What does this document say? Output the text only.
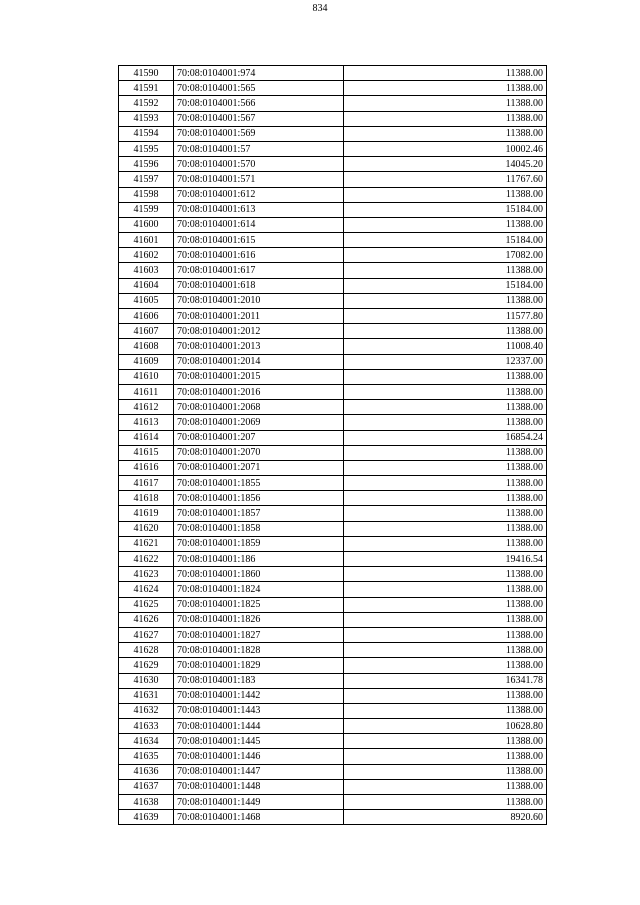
834
41590	70:08:0104001:974	11388.00
41591	70:08:0104001:565	11388.00
41592	70:08:0104001:566	11388.00
41593	70:08:0104001:567	11388.00
41594	70:08:0104001:569	11388.00
41595	70:08:0104001:57	10002.46
41596	70:08:0104001:570	14045.20
41597	70:08:0104001:571	11767.60
41598	70:08:0104001:612	11388.00
41599	70:08:0104001:613	15184.00
41600	70:08:0104001:614	11388.00
41601	70:08:0104001:615	15184.00
41602	70:08:0104001:616	17082.00
41603	70:08:0104001:617	11388.00
41604	70:08:0104001:618	15184.00
41605	70:08:0104001:2010	11388.00
41606	70:08:0104001:2011	11577.80
41607	70:08:0104001:2012	11388.00
41608	70:08:0104001:2013	11008.40
41609	70:08:0104001:2014	12337.00
41610	70:08:0104001:2015	11388.00
41611	70:08:0104001:2016	11388.00
41612	70:08:0104001:2068	11388.00
41613	70:08:0104001:2069	11388.00
41614	70:08:0104001:207	16854.24
41615	70:08:0104001:2070	11388.00
41616	70:08:0104001:2071	11388.00
41617	70:08:0104001:1855	11388.00
41618	70:08:0104001:1856	11388.00
41619	70:08:0104001:1857	11388.00
41620	70:08:0104001:1858	11388.00
41621	70:08:0104001:1859	11388.00
41622	70:08:0104001:186	19416.54
41623	70:08:0104001:1860	11388.00
41624	70:08:0104001:1824	11388.00
41625	70:08:0104001:1825	11388.00
41626	70:08:0104001:1826	11388.00
41627	70:08:0104001:1827	11388.00
41628	70:08:0104001:1828	11388.00
41629	70:08:0104001:1829	11388.00
41630	70:08:0104001:183	16341.78
41631	70:08:0104001:1442	11388.00
41632	70:08:0104001:1443	11388.00
41633	70:08:0104001:1444	10628.80
41634	70:08:0104001:1445	11388.00
41635	70:08:0104001:1446	11388.00
41636	70:08:0104001:1447	11388.00
41637	70:08:0104001:1448	11388.00
41638	70:08:0104001:1449	11388.00
41639	70:08:0104001:1468	8920.60
